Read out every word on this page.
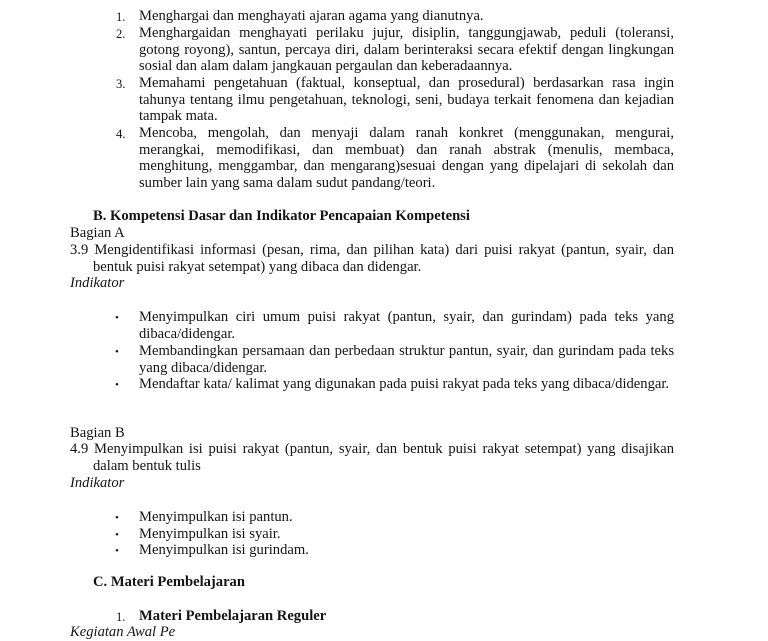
1. Menghargai dan menghayati ajaran agama yang dianutnya.
2. Menghargaidan menghayati perilaku jujur, disiplin, tanggungjawab, peduli (toleransi, gotong royong), santun, percaya diri, dalam berinteraksi secara efektif dengan lingkungan sosial dan alam dalam jangkauan pergaulan dan keberadaannya.
3. Memahami pengetahuan (faktual, konseptual, dan prosedural) berdasarkan rasa ingin tahunya tentang ilmu pengetahuan, teknologi, seni, budaya terkait fenomena dan kejadian tampak mata.
4. Mencoba, mengolah, dan menyaji dalam ranah konkret (menggunakan, mengurai, merangkai, memodifikasi, dan membuat) dan ranah abstrak (menulis, membaca, menghitung, menggambar, dan mengarang)sesuai dengan yang dipelajari di sekolah dan sumber lain yang sama dalam sudut pandang/teori.
B. Kompetensi Dasar dan Indikator Pencapaian Kompetensi
Bagian A
3.9 Mengidentifikasi informasi (pesan, rima, dan pilihan kata) dari puisi rakyat (pantun, syair, dan bentuk puisi rakyat setempat) yang dibaca dan didengar.
Indikator
• Menyimpulkan ciri umum puisi rakyat (pantun, syair, dan gurindam) pada teks yang dibaca/didengar.
• Membandingkan persamaan dan perbedaan struktur pantun, syair, dan gurindam pada teks yang dibaca/didengar.
• Mendaftar kata/ kalimat yang digunakan pada puisi rakyat pada teks yang dibaca/didengar.
Bagian B
4.9 Menyimpulkan isi puisi rakyat (pantun, syair, dan bentuk puisi rakyat setempat) yang disajikan dalam bentuk tulis
Indikator
• Menyimpulkan isi pantun.
• Menyimpulkan isi syair.
• Menyimpulkan isi gurindam.
C. Materi Pembelajaran
1. Materi Pembelajaran Reguler
Kegiatan Awal Pe
